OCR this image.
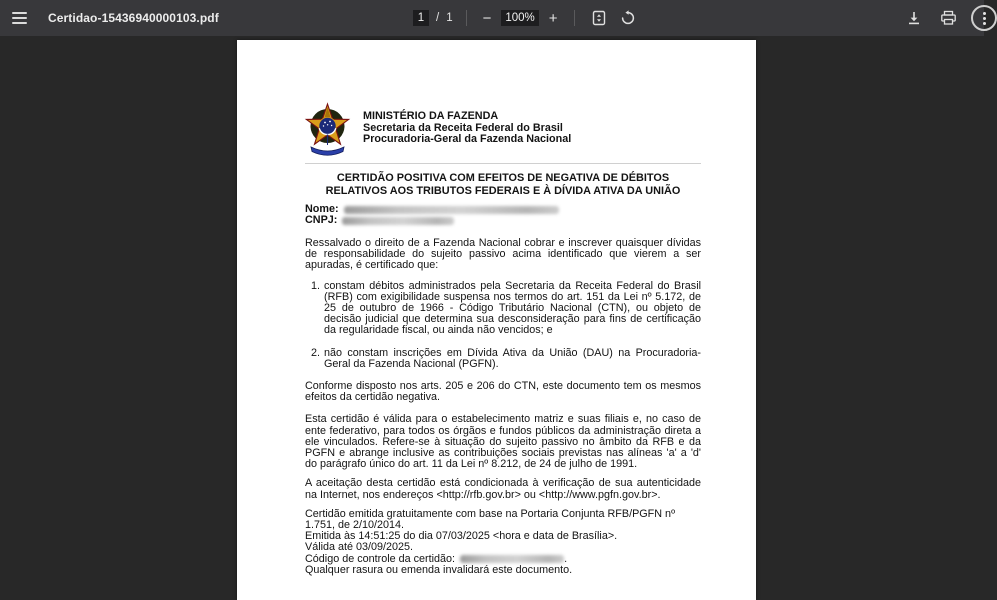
Certidao-15436940000103.pdf	1	/ 1 −	100% +
MINISTÉRIO DA FAZENDA
Secretaria da Receita Federal do Brasil
Procuradoria-Geral da Fazenda Nacional
CERTIDÃO POSITIVA COM EFEITOS DE NEGATIVA DE DÉBITOS RELATIVOS AOS TRIBUTOS FEDERAIS E À DÍVIDA ATIVA DA UNIÃO
Nome:
CNPJ:
Ressalvado o direito de a Fazenda Nacional cobrar e inscrever quaisquer dívidas de responsabilidade do sujeito passivo acima identificado que vierem a ser apuradas, é certificado que:
1. constam débitos administrados pela Secretaria da Receita Federal do Brasil (RFB) com exigibilidade suspensa nos termos do art. 151 da Lei nº 5.172, de 25 de outubro de 1966 - Código Tributário Nacional (CTN), ou objeto de decisão judicial que determina sua desconsideração para fins de certificação da regularidade fiscal, ou ainda não vencidos; e
2. não constam inscrições em Dívida Ativa da União (DAU) na Procuradoria-Geral da Fazenda Nacional (PGFN).
Conforme disposto nos arts. 205 e 206 do CTN, este documento tem os mesmos efeitos da certidão negativa.
Esta certidão é válida para o estabelecimento matriz e suas filiais e, no caso de ente federativo, para todos os órgãos e fundos públicos da administração direta a ele vinculados. Refere-se à situação do sujeito passivo no âmbito da RFB e da PGFN e abrange inclusive as contribuições sociais previstas nas alíneas 'a' a 'd' do parágrafo único do art. 11 da Lei nº 8.212, de 24 de julho de 1991.
A aceitação desta certidão está condicionada à verificação de sua autenticidade na Internet, nos endereços <http://rfb.gov.br> ou <http://www.pgfn.gov.br>.
Certidão emitida gratuitamente com base na Portaria Conjunta RFB/PGFN nº 1.751, de 2/10/2014.
Emitida às 14:51:25 do dia 07/03/2025 <hora e data de Brasília>.
Válida até 03/09/2025.
Código de controle da certidão:	.
Qualquer rasura ou emenda invalidará este documento.
